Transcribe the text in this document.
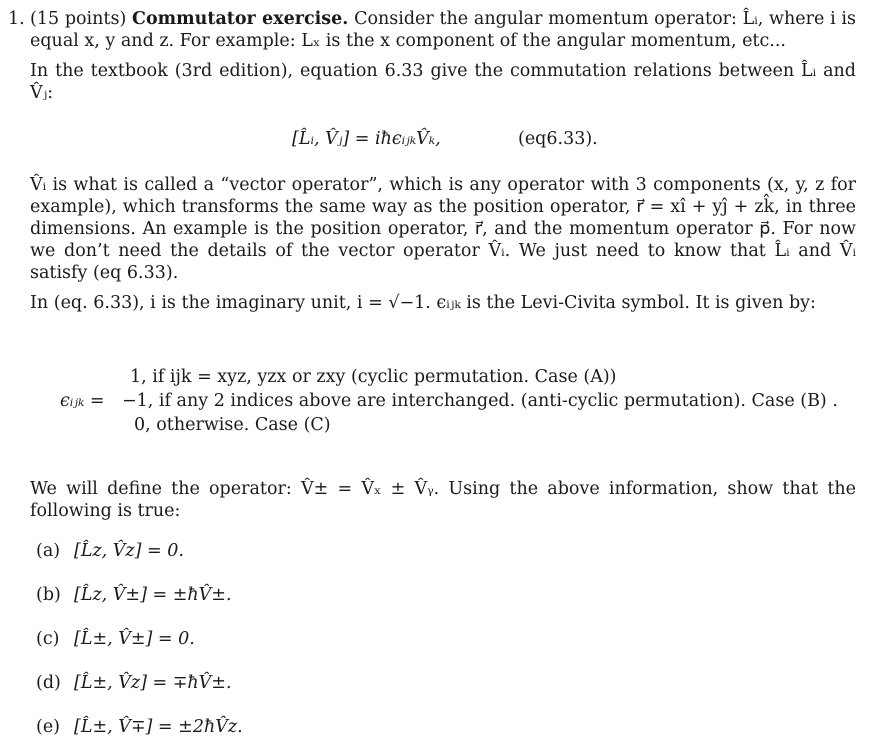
1. (15 points) Commutator exercise. Consider the angular momentum operator: L̂ᵢ, where i is equal x, y and z. For example: Lₓ is the x component of the angular momentum, etc...

In the textbook (3rd edition), equation 6.33 give the commutation relations between L̂ᵢ and V̂ⱼ:

[L̂ᵢ, V̂ⱼ] = iħϵᵢⱼₖV̂ₖ,	(eq6.33).

V̂ᵢ is what is called a “vector operator”, which is any operator with 3 components (x, y, z for example), which transforms the same way as the position operator, r⃗ = xî + yĵ + zk̂, in three dimensions. An example is the position operator, r⃗, and the momentum operator p⃗. For now we don’t need the details of the vector operator V̂ᵢ. We just need to know that L̂ᵢ and V̂ᵢ satisfy (eq 6.33).

In (eq. 6.33), i is the imaginary unit, i = √−1. ϵᵢⱼₖ is the Levi-Civita symbol. It is given by:

ϵᵢⱼₖ =
1, if ijk = xyz, yzx or zxy (cyclic permutation. Case (A))
−1, if any 2 indices above are interchanged. (anti-cyclic permutation). Case (B) .
0, otherwise. Case (C)

We will define the operator: V̂± = V̂ₓ ± V̂ᵧ. Using the above information, show that the following is true:

(a) [L̂z, V̂z] = 0.
(b) [L̂z, V̂±] = ±ħV̂±.
(c) [L̂±, V̂±] = 0.
(d) [L̂±, V̂z] = ∓ħV̂±.
(e) [L̂±, V̂∓] = ±2ħV̂z.
